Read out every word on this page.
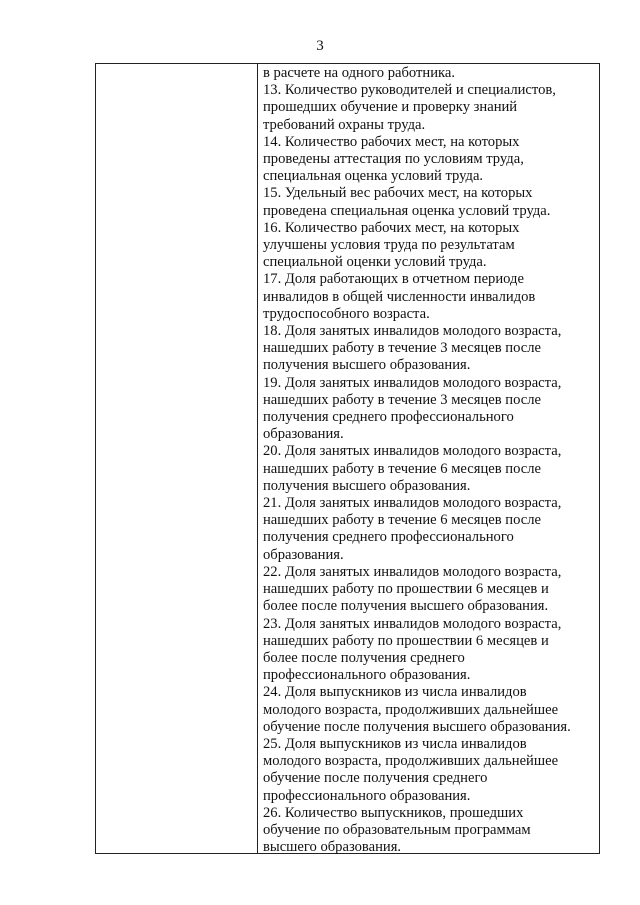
3
в расчете на одного работника.
13. Количество руководителей и специалистов,
прошедших обучение и проверку знаний
требований охраны труда.
14. Количество рабочих мест, на которых
проведены аттестация по условиям труда,
специальная оценка условий труда.
15. Удельный вес рабочих мест, на которых
проведена специальная оценка условий труда.
16. Количество рабочих мест, на которых
улучшены условия труда по результатам
специальной оценки условий труда.
17. Доля работающих в отчетном периоде
инвалидов в общей численности инвалидов
трудоспособного возраста.
18. Доля занятых инвалидов молодого возраста,
нашедших работу в течение 3 месяцев после
получения высшего образования.
19. Доля занятых инвалидов молодого возраста,
нашедших работу в течение 3 месяцев после
получения среднего профессионального
образования.
20. Доля занятых инвалидов молодого возраста,
нашедших работу в течение 6 месяцев после
получения высшего образования.
21. Доля занятых инвалидов молодого возраста,
нашедших работу в течение 6 месяцев после
получения среднего профессионального
образования.
22. Доля занятых инвалидов молодого возраста,
нашедших работу по прошествии 6 месяцев и
более после получения высшего образования.
23. Доля занятых инвалидов молодого возраста,
нашедших работу по прошествии 6 месяцев и
более после получения среднего
профессионального образования.
24. Доля выпускников из числа инвалидов
молодого возраста, продолживших дальнейшее
обучение после получения высшего образования.
25. Доля выпускников из числа инвалидов
молодого возраста, продолживших дальнейшее
обучение после получения среднего
профессионального образования.
26. Количество выпускников, прошедших
обучение по образовательным программам
высшего образования.
